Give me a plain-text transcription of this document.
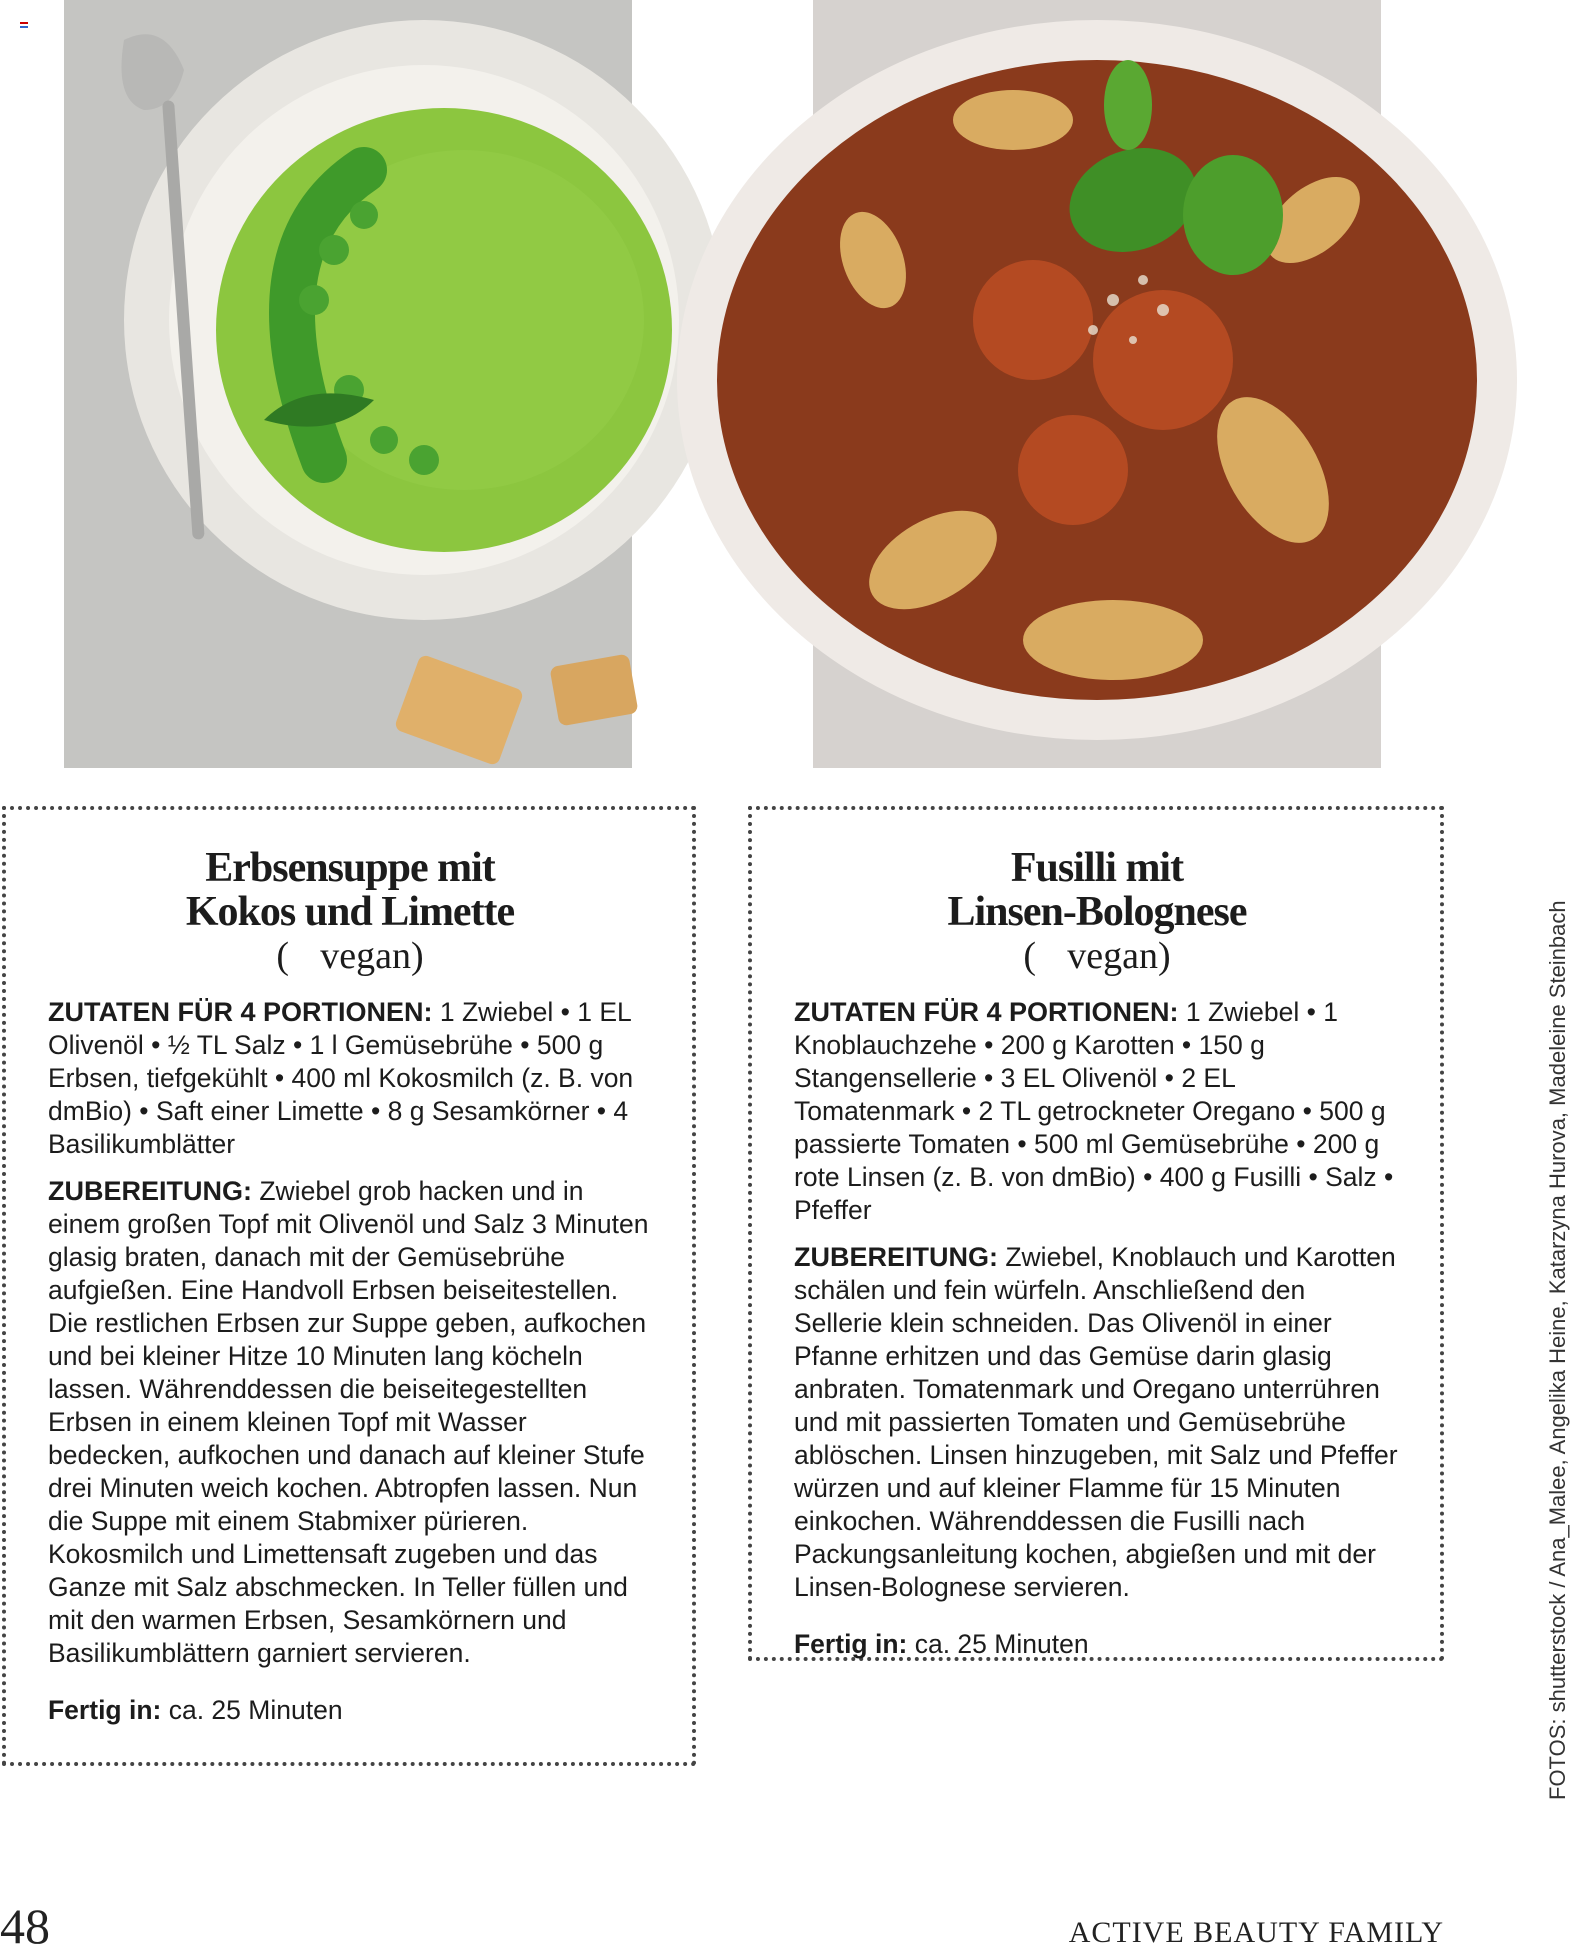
Erbsensuppe mit
Kokos und Limette

( vegan)

ZUTATEN FÜR 4 PORTIONEN: 1 Zwiebel • 1 EL Olivenöl • ½ TL Salz • 1 l Gemüsebrühe • 500 g Erbsen, tiefgekühlt • 400 ml Kokosmilch (z. B. von dmBio) • Saft einer Limette • 8 g Sesamkörner • 4 Basilikumblätter

ZUBEREITUNG: Zwiebel grob hacken und in einem großen Topf mit Olivenöl und Salz 3 Minuten glasig braten, danach mit der Gemüsebrühe aufgießen. Eine Handvoll Erbsen beiseitestellen. Die restlichen Erbsen zur Suppe geben, aufkochen und bei kleiner Hitze 10 Minuten lang köcheln lassen. Währenddessen die beiseitegestellten Erbsen in einem kleinen Topf mit Wasser bedecken, aufkochen und danach auf kleiner Stufe drei Minuten weich kochen. Abtropfen lassen. Nun die Suppe mit einem Stabmixer pürieren. Kokosmilch und Limettensaft zugeben und das Ganze mit Salz abschmecken. In Teller füllen und mit den warmen Erbsen, Sesamkörnern und Basilikumblättern garniert servieren.

Fertig in: ca. 25 Minuten
Fusilli mit
Linsen-Bolognese

( vegan)

ZUTATEN FÜR 4 PORTIONEN: 1 Zwiebel • 1 Knoblauchzehe • 200 g Karotten • 150 g Stangensellerie • 3 EL Olivenöl • 2 EL Tomatenmark • 2 TL getrockneter Oregano • 500 g passierte Tomaten • 500 ml Gemüsebrühe • 200 g rote Linsen (z. B. von dmBio) • 400 g Fusilli • Salz • Pfeffer

ZUBEREITUNG: Zwiebel, Knoblauch und Karotten schälen und fein würfeln. Anschließend den Sellerie klein schneiden. Das Olivenöl in einer Pfanne erhitzen und das Gemüse darin glasig anbraten. Tomatenmark und Oregano unterrühren und mit passierten Tomaten und Gemüsebrühe ablöschen. Linsen hinzugeben, mit Salz und Pfeffer würzen und auf kleiner Flamme für 15 Minuten einkochen. Währenddessen die Fusilli nach Packungsanleitung kochen, abgießen und mit der Linsen-Bolognese servieren.

Fertig in: ca. 25 Minuten	FOTOS: shutterstock / Ana_Malee, Angelika Heine, Katarzyna Hurova, Madeleine Steinbach
48	ACTIVE BEAUTY FAMILY
